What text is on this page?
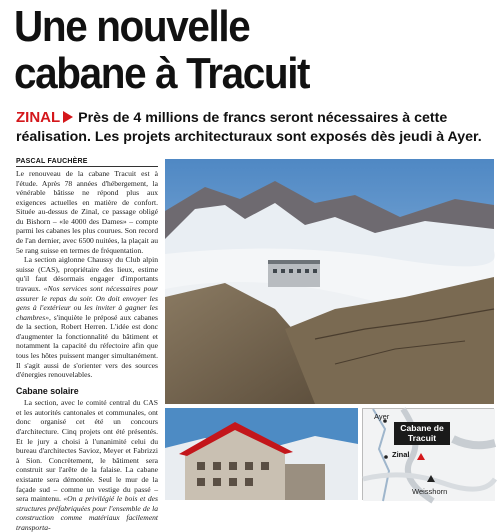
Une nouvelle
cabane à Tracuit
ZINAL Près de 4 millions de francs seront nécessaires à cette réalisation. Les projets architecturaux sont exposés dès jeudi à Ayer.
PASCAL FAUCHÈRE

Le renouveau de la cabane Tracuit est à l'étude. Après 78 années d'hébergement, la vénérable bâtisse ne répond plus aux exigences actuelles en matière de confort. Située au-dessus de Zinal, ce passage obligé du Bishorn – «le 4000 des Dames» – compte parmi les cabanes les plus courues. Son record de l'an dernier, avec 6500 nuitées, la plaçait au 5e rang suisse en termes de fréquentation.

La section aiglonne Chaussy du Club alpin suisse (CAS), propriétaire des lieux, estime qu'il faut désormais engager d'importants travaux. «Nos services sont nécessaires pour assurer le repas du soir. On doit envoyer les gens à l'extérieur ou les inviter à gagner les chambres», s'inquiète le préposé aux cabanes de la section, Robert Herren. L'idée est donc d'augmenter la fonctionnalité du bâtiment et notamment la capacité du réfectoire afin que tous les hôtes puissent manger simultanément. Il s'agit aussi de s'orienter vers des sources d'énergies renouvelables.

Cabane solaire

La section, avec le comité central du CAS et les autorités cantonales et communales, ont donc organisé cet été un concours d'architecture. Cinq projets ont été présentés. Et le jury a choisi à l'unanimité celui du bureau d'architectes Savioz, Meyer et Fabrizzi à Sion. Concrètement, le bâtiment sera construit sur l'arête de la falaise. La cabane existante sera démontée. Seul le mur de la façade sud – comme un vestige du passé – sera maintenu. «On a privilégié le bois et des structures préfabriquées pour l'ensemble de la construction comme matériaux facilement transporta-

Cabane de Tracuit
Ayer
Zinal
Weisshorn
